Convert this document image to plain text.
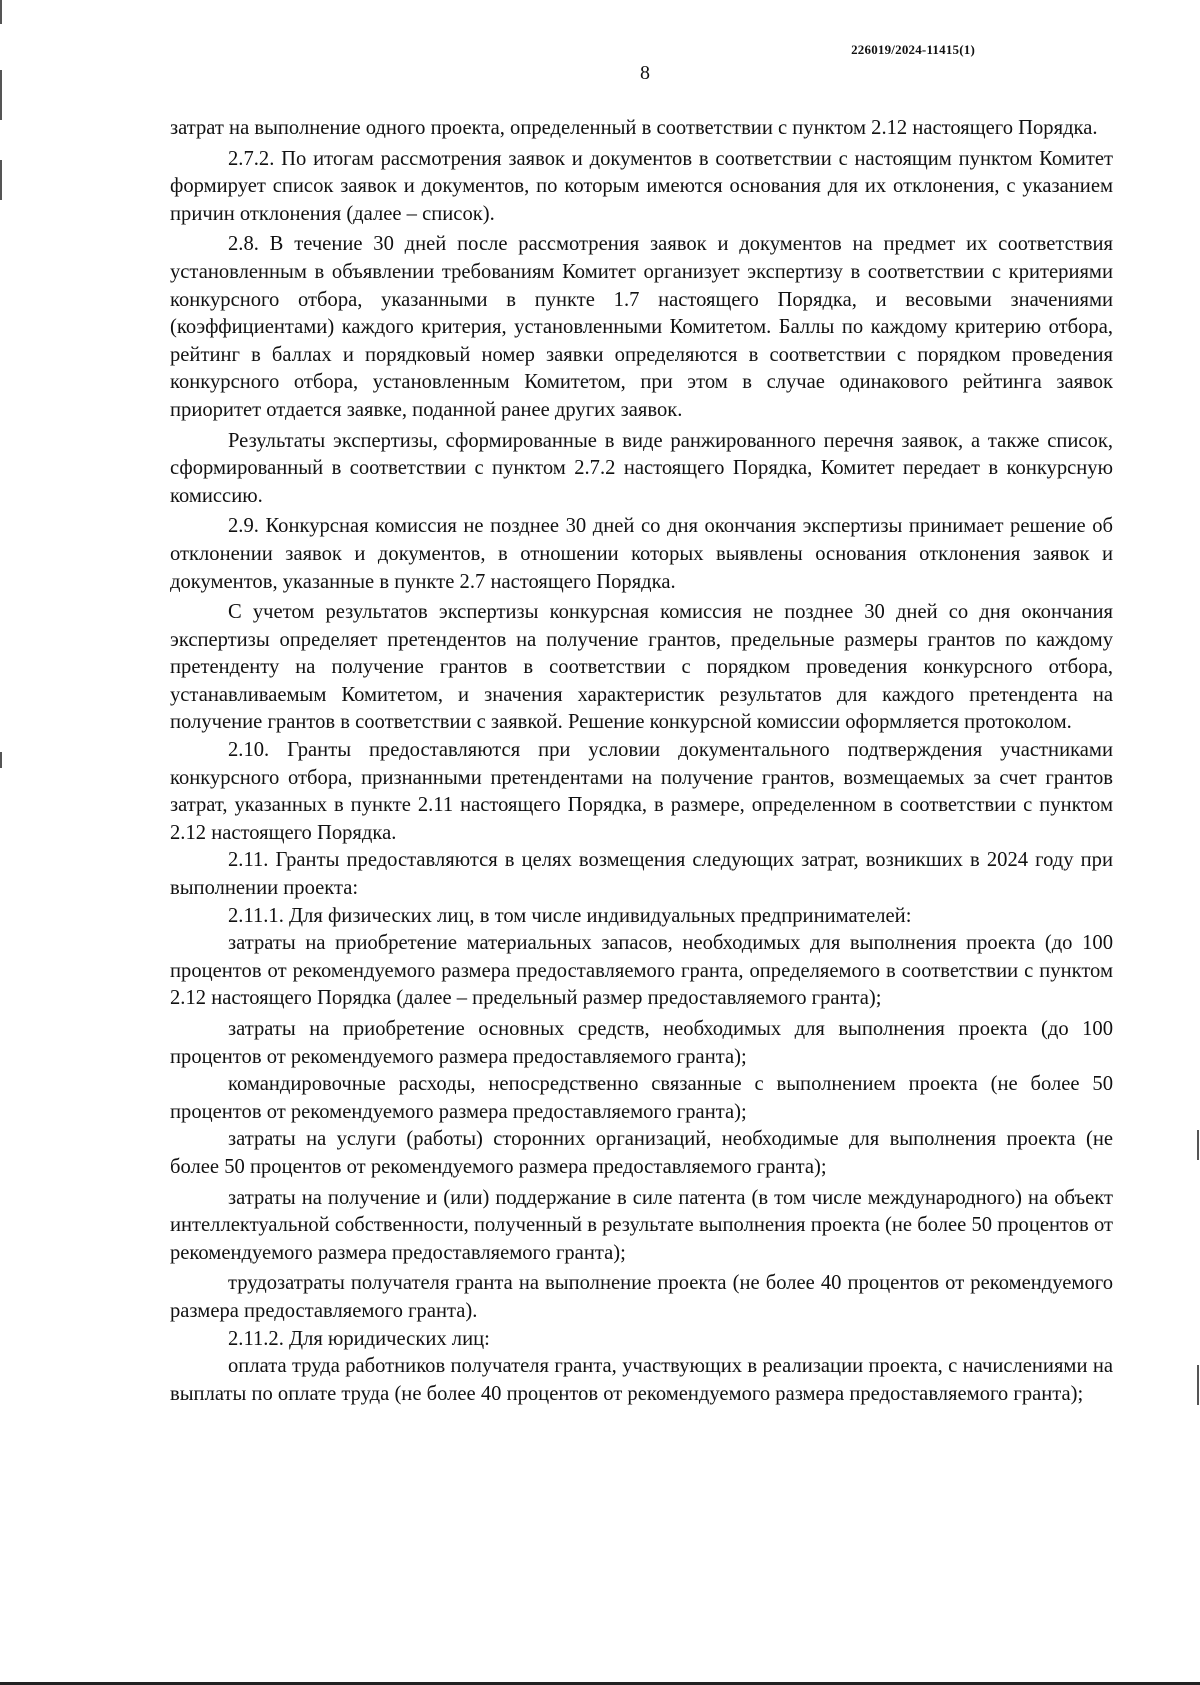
226019/2024-11415(1)
8

затрат на выполнение одного проекта, определенный в соответствии с пунктом 2.12 настоящего Порядка.

2.7.2. По итогам рассмотрения заявок и документов в соответствии с настоящим пунктом Комитет формирует список заявок и документов, по которым имеются основания для их отклонения, с указанием причин отклонения (далее – список).

2.8. В течение 30 дней после рассмотрения заявок и документов на предмет их соответствия установленным в объявлении требованиям Комитет организует экспертизу в соответствии с критериями конкурсного отбора, указанными в пункте 1.7 настоящего Порядка, и весовыми значениями (коэффициентами) каждого критерия, установленными Комитетом. Баллы по каждому критерию отбора, рейтинг в баллах и порядковый номер заявки определяются в соответствии с порядком проведения конкурсного отбора, установленным Комитетом, при этом в случае одинакового рейтинга заявок приоритет отдается заявке, поданной ранее других заявок.

Результаты экспертизы, сформированные в виде ранжированного перечня заявок, а также список, сформированный в соответствии с пунктом 2.7.2 настоящего Порядка, Комитет передает в конкурсную комиссию.

2.9. Конкурсная комиссия не позднее 30 дней со дня окончания экспертизы принимает решение об отклонении заявок и документов, в отношении которых выявлены основания отклонения заявок и документов, указанные в пункте 2.7 настоящего Порядка.

С учетом результатов экспертизы конкурсная комиссия не позднее 30 дней со дня окончания экспертизы определяет претендентов на получение грантов, предельные размеры грантов по каждому претенденту на получение грантов в соответствии с порядком проведения конкурсного отбора, устанавливаемым Комитетом, и значения характеристик результатов для каждого претендента на получение грантов в соответствии с заявкой. Решение конкурсной комиссии оформляется протоколом.

2.10. Гранты предоставляются при условии документального подтверждения участниками конкурсного отбора, признанными претендентами на получение грантов, возмещаемых за счет грантов затрат, указанных в пункте 2.11 настоящего Порядка, в размере, определенном в соответствии с пунктом 2.12 настоящего Порядка.

2.11. Гранты предоставляются в целях возмещения следующих затрат, возникших в 2024 году при выполнении проекта:

2.11.1. Для физических лиц, в том числе индивидуальных предпринимателей:

затраты на приобретение материальных запасов, необходимых для выполнения проекта (до 100 процентов от рекомендуемого размера предоставляемого гранта, определяемого в соответствии с пунктом 2.12 настоящего Порядка (далее – предельный размер предоставляемого гранта);

затраты на приобретение основных средств, необходимых для выполнения проекта (до 100 процентов от рекомендуемого размера предоставляемого гранта);

командировочные расходы, непосредственно связанные с выполнением проекта (не более 50 процентов от рекомендуемого размера предоставляемого гранта);

затраты на услуги (работы) сторонних организаций, необходимые для выполнения проекта (не более 50 процентов от рекомендуемого размера предоставляемого гранта);

затраты на получение и (или) поддержание в силе патента (в том числе международного) на объект интеллектуальной собственности, полученный в результате выполнения проекта (не более 50 процентов от рекомендуемого размера предоставляемого гранта);

трудозатраты получателя гранта на выполнение проекта (не более 40 процентов от рекомендуемого размера предоставляемого гранта).

2.11.2. Для юридических лиц:

оплата труда работников получателя гранта, участвующих в реализации проекта, с начислениями на выплаты по оплате труда (не более 40 процентов от рекомендуемого размера предоставляемого гранта);
